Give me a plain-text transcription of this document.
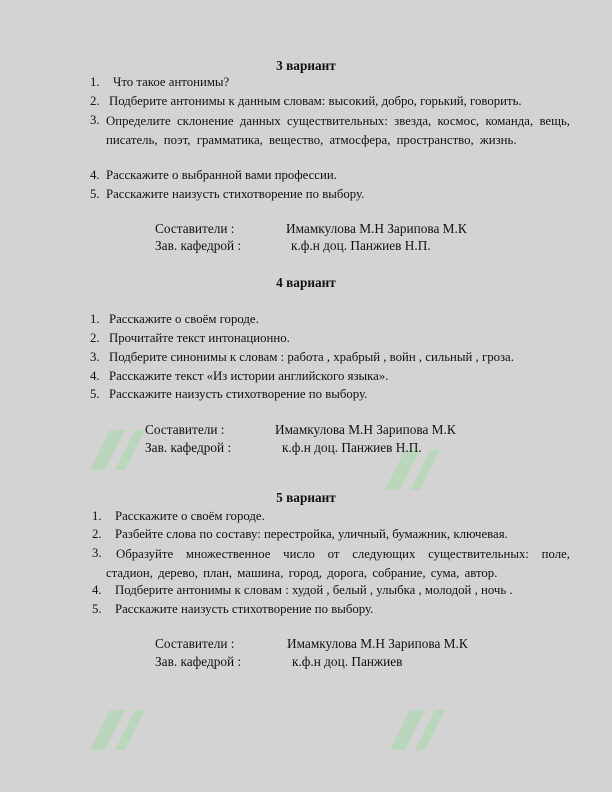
3 вариант
1. Что такое антонимы?
2. Подберите антонимы к данным словам: высокий, добро, горький, говорить.
3. Определите склонение данных существительных: звезда, космос, команда, вещь, писатель, поэт, грамматика, вещество, атмосфера, пространство, жизнь.
4. Расскажите о выбранной вами профессии.
5. Расскажите наизусть стихотворение по выбору.
Составители :	Имамкулова М.Н Зарипова М.К
Зав. кафедрой :	к.ф.н доц. Панжиев Н.П.
4 вариант
1. Расскажите о своём городе.
2. Прочитайте текст интонационно.
3. Подберите синонимы к словам : работа , храбрый , войн , сильный , гроза.
4. Расскажите текст «Из истории английского языка».
5. Расскажите наизусть стихотворение по выбору.
Составители :	Имамкулова М.Н Зарипова М.К
Зав. кафедрой :	к.ф.н доц. Панжиев Н.П.
5 вариант
1. Расскажите о своём городе.
2. Разбейте слова по составу: перестройка, уличный, бумажник, ключевая.
3.	Образуйте множественное число от следующих существительных: поле, стадион, дерево, план, машина, город, дорога, собрание, сума, автор.
4. Подберите антонимы к словам : худой , белый , улыбка , молодой , ночь .
5. Расскажите наизусть стихотворение по выбору.
Составители :	Имамкулова М.Н Зарипова М.К
Зав. кафедрой :	к.ф.н доц. Панжиев
